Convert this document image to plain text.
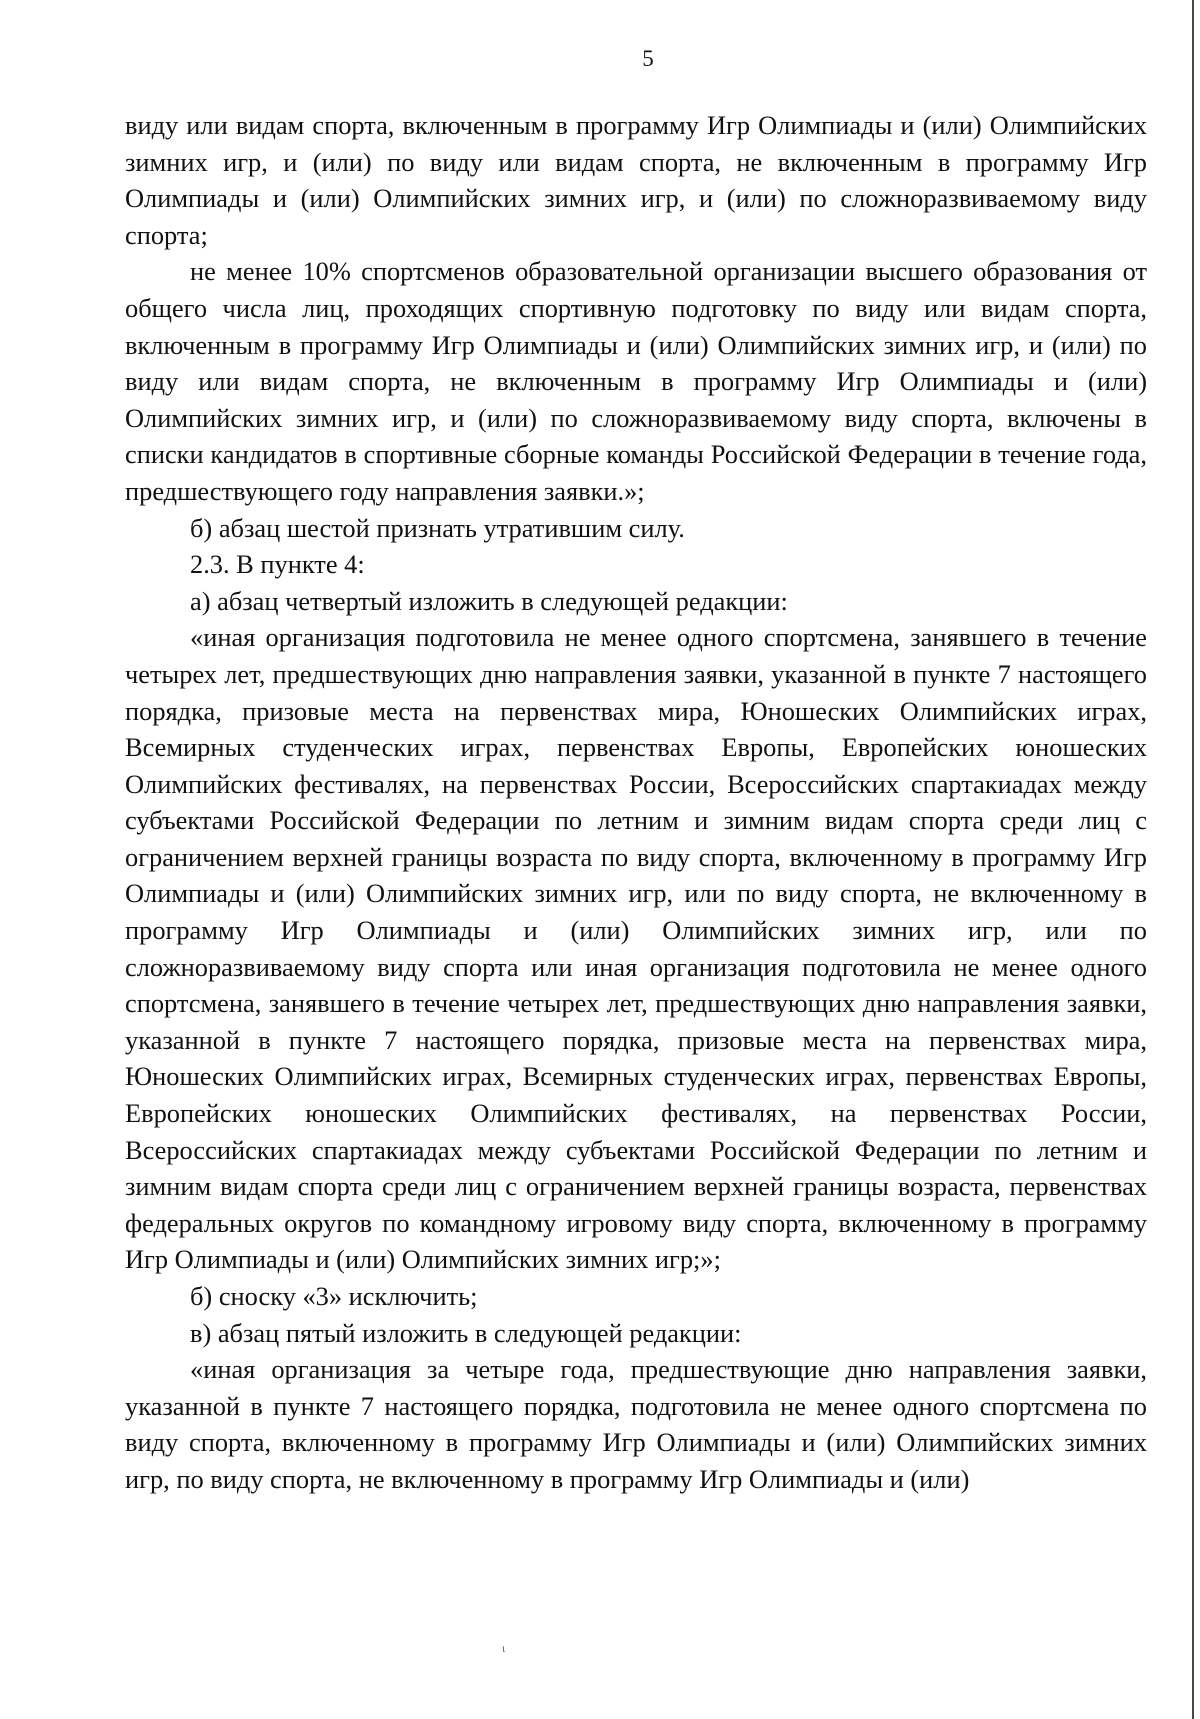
5

виду или видам спорта, включенным в программу Игр Олимпиады и (или) Олимпийских зимних игр, и (или) по виду или видам спорта, не включенным в программу Игр Олимпиады и (или) Олимпийских зимних игр, и (или) по сложноразвиваемому виду спорта;

не менее 10% спортсменов образовательной организации высшего образования от общего числа лиц, проходящих спортивную подготовку по виду или видам спорта, включенным в программу Игр Олимпиады и (или) Олимпийских зимних игр, и (или) по виду или видам спорта, не включенным в программу Игр Олимпиады и (или) Олимпийских зимних игр, и (или) по сложноразвиваемому виду спорта, включены в списки кандидатов в спортивные сборные команды Российской Федерации в течение года, предшествующего году направления заявки.»;

б) абзац шестой признать утратившим силу.

2.3. В пункте 4:

а) абзац четвертый изложить в следующей редакции:

«иная организация подготовила не менее одного спортсмена, занявшего в течение четырех лет, предшествующих дню направления заявки, указанной в пункте 7 настоящего порядка, призовые места на первенствах мира, Юношеских Олимпийских играх, Всемирных студенческих играх, первенствах Европы, Европейских юношеских Олимпийских фестивалях, на первенствах России, Всероссийских спартакиадах между субъектами Российской Федерации по летним и зимним видам спорта среди лиц с ограничением верхней границы возраста по виду спорта, включенному в программу Игр Олимпиады и (или) Олимпийских зимних игр, или по виду спорта, не включенному в программу Игр Олимпиады и (или) Олимпийских зимних игр, или по сложноразвиваемому виду спорта или иная организация подготовила не менее одного спортсмена, занявшего в течение четырех лет, предшествующих дню направления заявки, указанной в пункте 7 настоящего порядка, призовые места на первенствах мира, Юношеских Олимпийских играх, Всемирных студенческих играх, первенствах Европы, Европейских юношеских Олимпийских фестивалях, на первенствах России, Всероссийских спартакиадах между субъектами Российской Федерации по летним и зимним видам спорта среди лиц с ограничением верхней границы возраста, первенствах федеральных округов по командному игровому виду спорта, включенному в программу Игр Олимпиады и (или) Олимпийских зимних игр;»;

б) сноску «3» исключить;

в) абзац пятый изложить в следующей редакции:

«иная организация за четыре года, предшествующие дню направления заявки, указанной в пункте 7 настоящего порядка, подготовила не менее одного спортсмена по виду спорта, включенному в программу Игр Олимпиады и (или) Олимпийских зимних игр, по виду спорта, не включенному в программу Игр Олимпиады и (или)

ι
